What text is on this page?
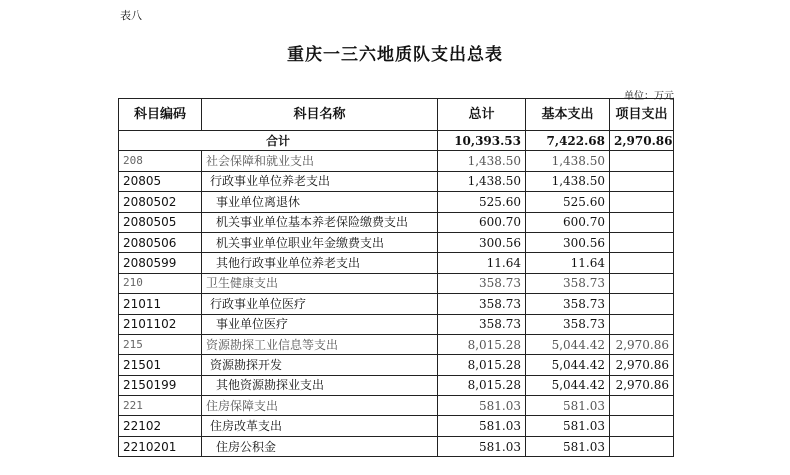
表八
重庆一三六地质队支出总表
单位：万元
科目编码	科目名称	总计	基本支出	项目支出
合计		10,393.53	7,422.68	2,970.86
208	社会保障和就业支出	1,438.50	1,438.50	
20805	行政事业单位养老支出	1,438.50	1,438.50	
2080502	事业单位离退休	525.60	525.60	
2080505	机关事业单位基本养老保险缴费支出	600.70	600.70	
2080506	机关事业单位职业年金缴费支出	300.56	300.56	
2080599	其他行政事业单位养老支出	11.64	11.64	
210	卫生健康支出	358.73	358.73	
21011	行政事业单位医疗	358.73	358.73	
2101102	事业单位医疗	358.73	358.73	
215	资源勘探工业信息等支出	8,015.28	5,044.42	2,970.86
21501	资源勘探开发	8,015.28	5,044.42	2,970.86
2150199	其他资源勘探业支出	8,015.28	5,044.42	2,970.86
221	住房保障支出	581.03	581.03	
22102	住房改革支出	581.03	581.03	
2210201	住房公积金	581.03	581.03	
